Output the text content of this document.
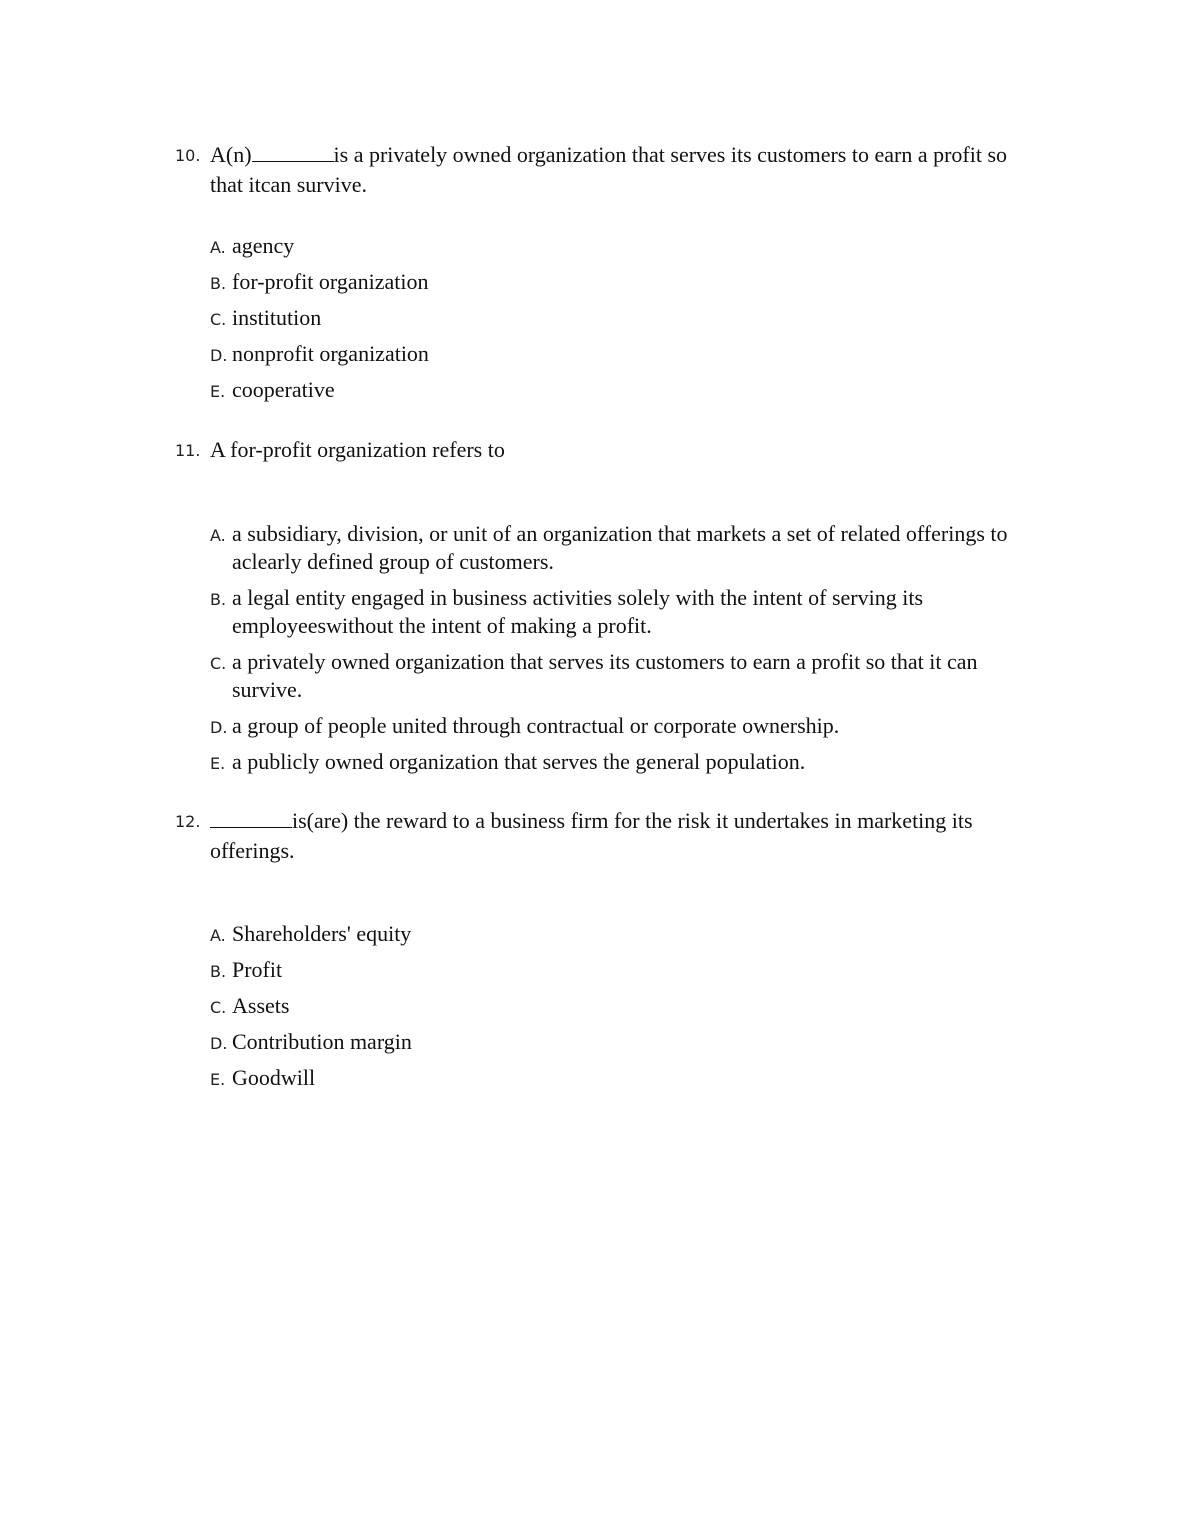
10. A(n)	is a privately owned organization that serves its customers to earn a profit so that itcan survive.
A. agency
B. for-profit organization
C. institution
D. nonprofit organization
E. cooperative
11. A for-profit organization refers to
A. a subsidiary, division, or unit of an organization that markets a set of related offerings to aclearly defined group of customers.
B. a legal entity engaged in business activities solely with the intent of serving its employeeswithout the intent of making a profit.
C. a privately owned organization that serves its customers to earn a profit so that it can survive.
D. a group of people united through contractual or corporate ownership.
E. a publicly owned organization that serves the general population.
12.	is(are) the reward to a business firm for the risk it undertakes in marketing its offerings.
A. Shareholders' equity
B. Profit
C. Assets
D. Contribution margin
E. Goodwill
